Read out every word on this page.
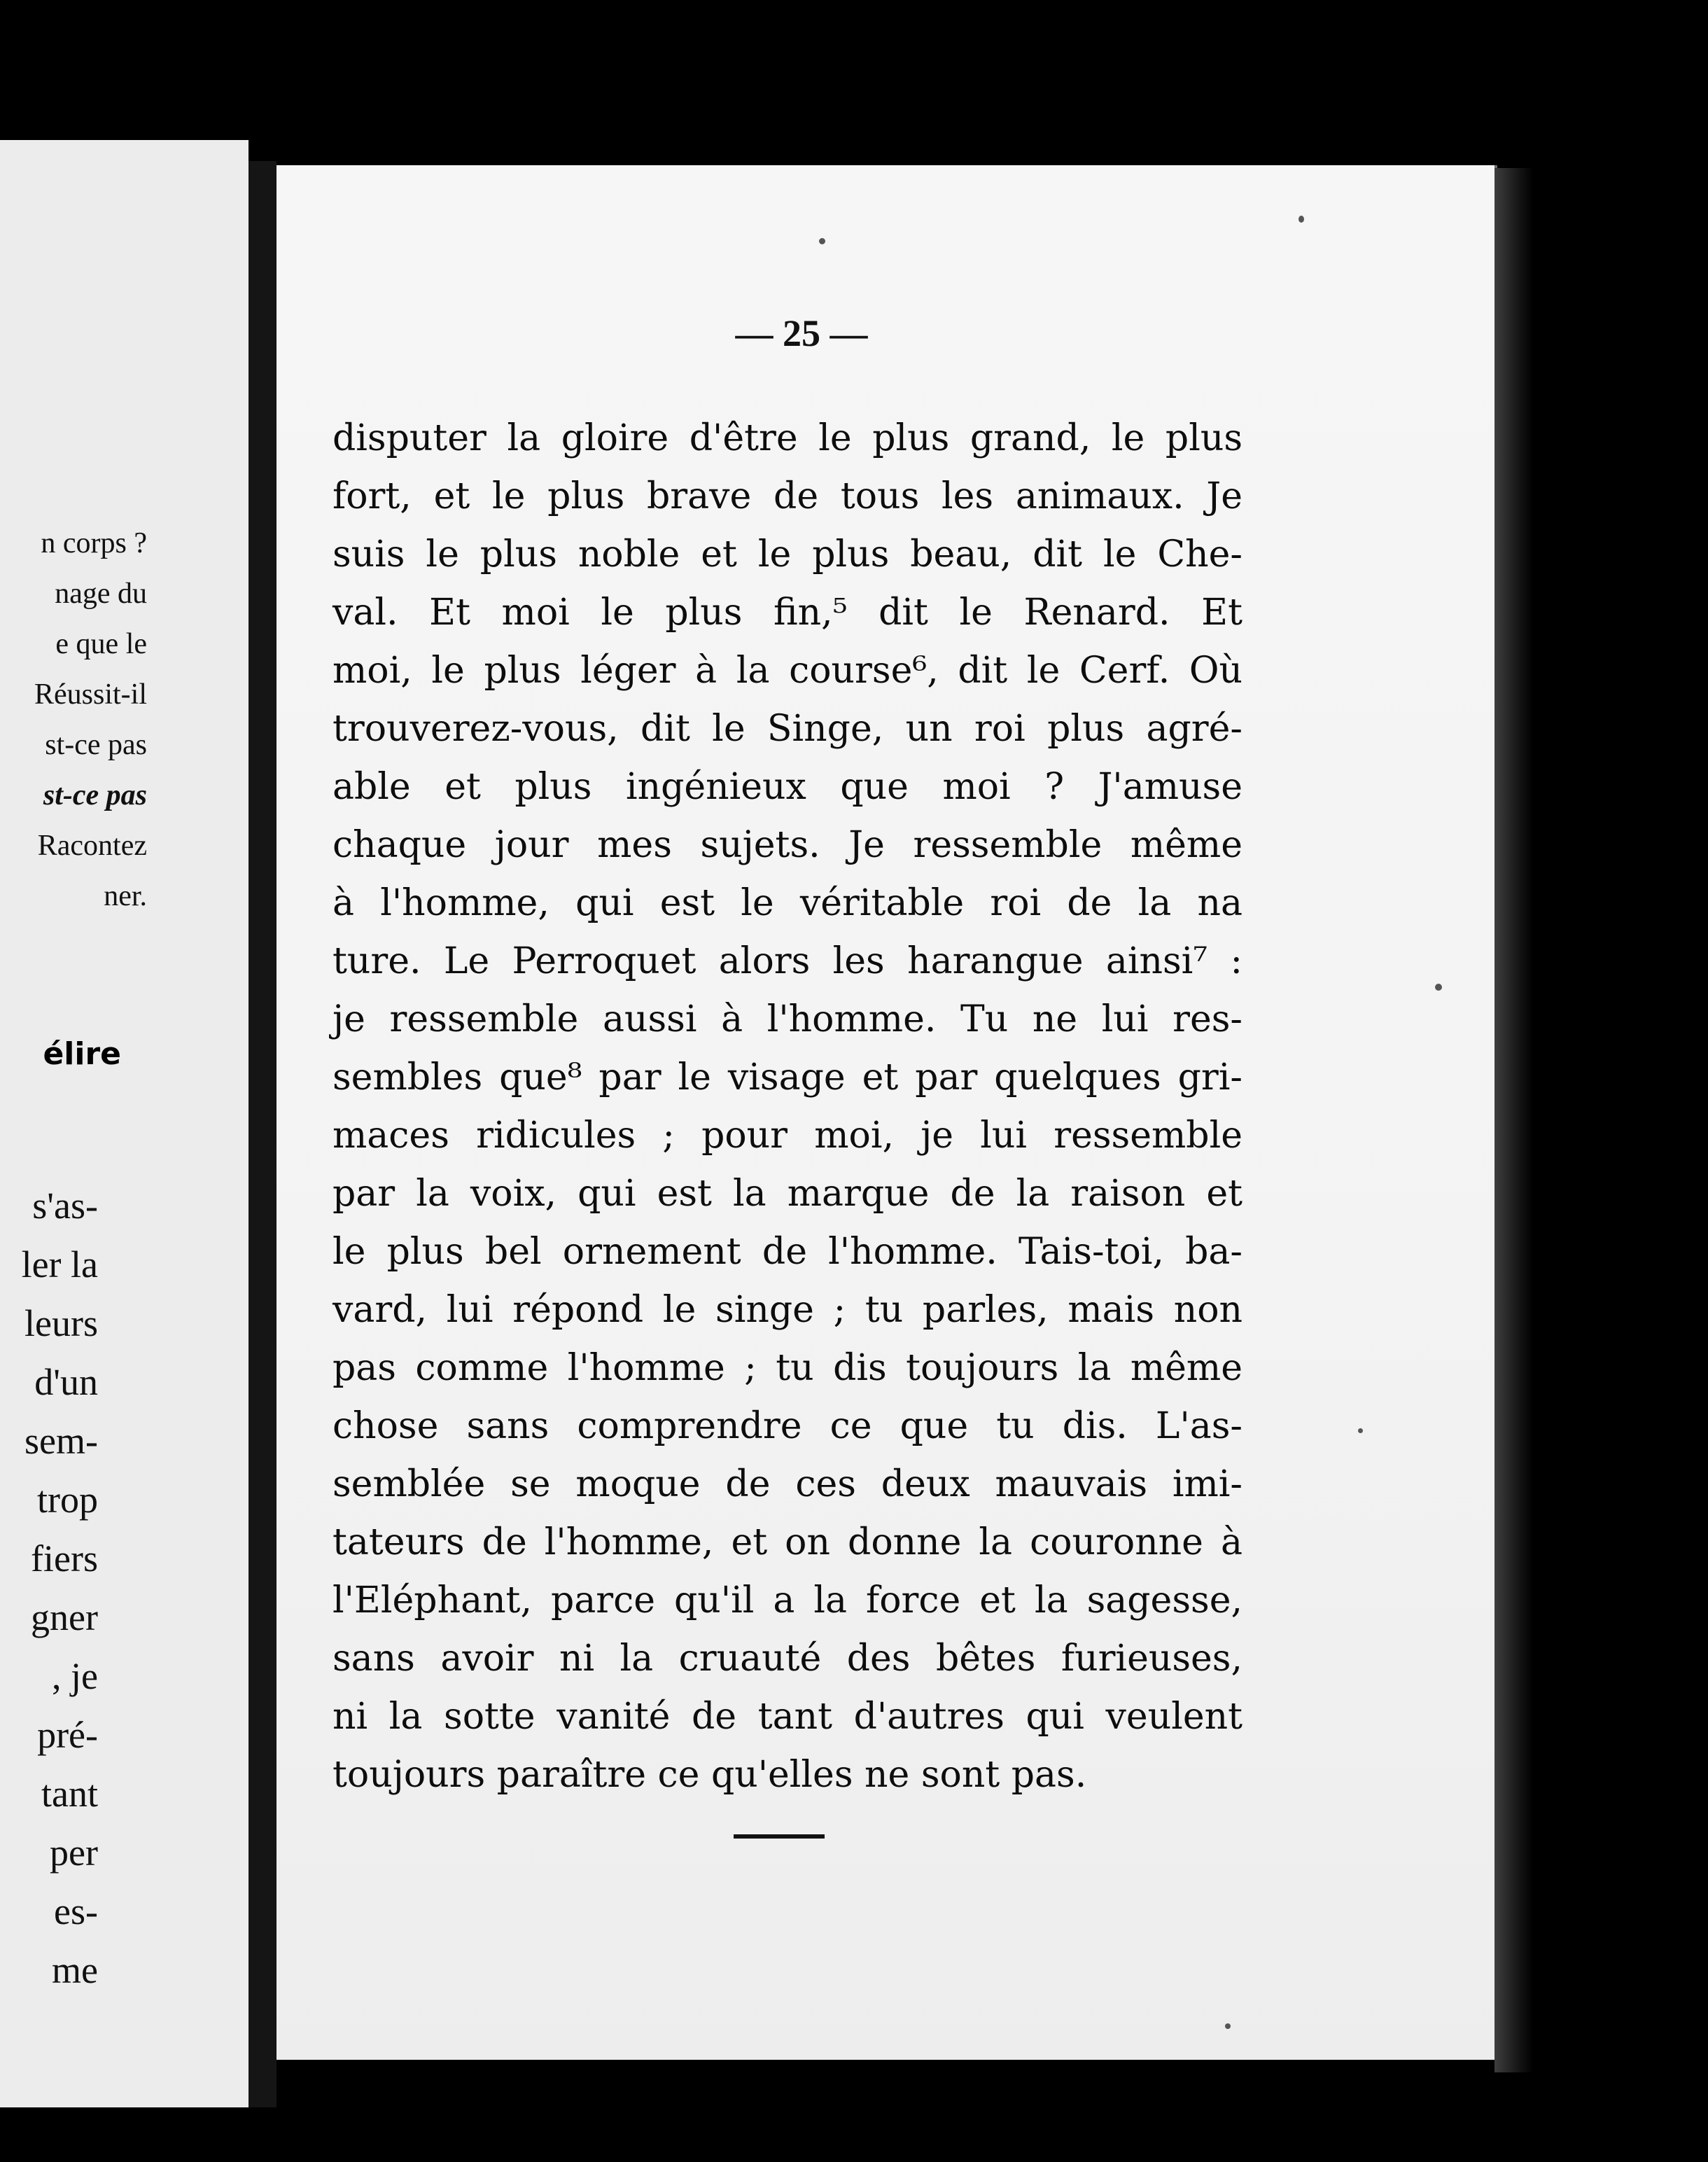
n corps ?
nage du
e que le
Réussit-il
st-ce pas
st-ce pas
Racontez
ner.
élire
s'as-
ler la
leurs
d'un
sem-
trop
fiers
gner
, je
pré-
tant
per
es-
me
— 25 —
disputer la gloire d'être le plus grand, le plus
fort, et le plus brave de tous les animaux. Je
suis le plus noble et le plus beau, dit le Che-
val. Et moi le plus fin,⁵ dit le Renard. Et
moi, le plus léger à la course⁶, dit le Cerf. Où
trouverez-vous, dit le Singe, un roi plus agré-
able et plus ingénieux que moi ? J'amuse
chaque jour mes sujets. Je ressemble même
à l'homme, qui est le véritable roi de la na
ture. Le Perroquet alors les harangue ainsi⁷ :
je ressemble aussi à l'homme. Tu ne lui res-
sembles que⁸ par le visage et par quelques gri-
maces ridicules ; pour moi, je lui ressemble
par la voix, qui est la marque de la raison et
le plus bel ornement de l'homme. Tais-toi, ba-
vard, lui répond le singe ; tu parles, mais non
pas comme l'homme ; tu dis toujours la même
chose sans comprendre ce que tu dis. L'as-
semblée se moque de ces deux mauvais imi-
tateurs de l'homme, et on donne la couronne à
l'Eléphant, parce qu'il a la force et la sagesse,
sans avoir ni la cruauté des bêtes furieuses,
ni la sotte vanité de tant d'autres qui veulent
toujours paraître ce qu'elles ne sont pas.
